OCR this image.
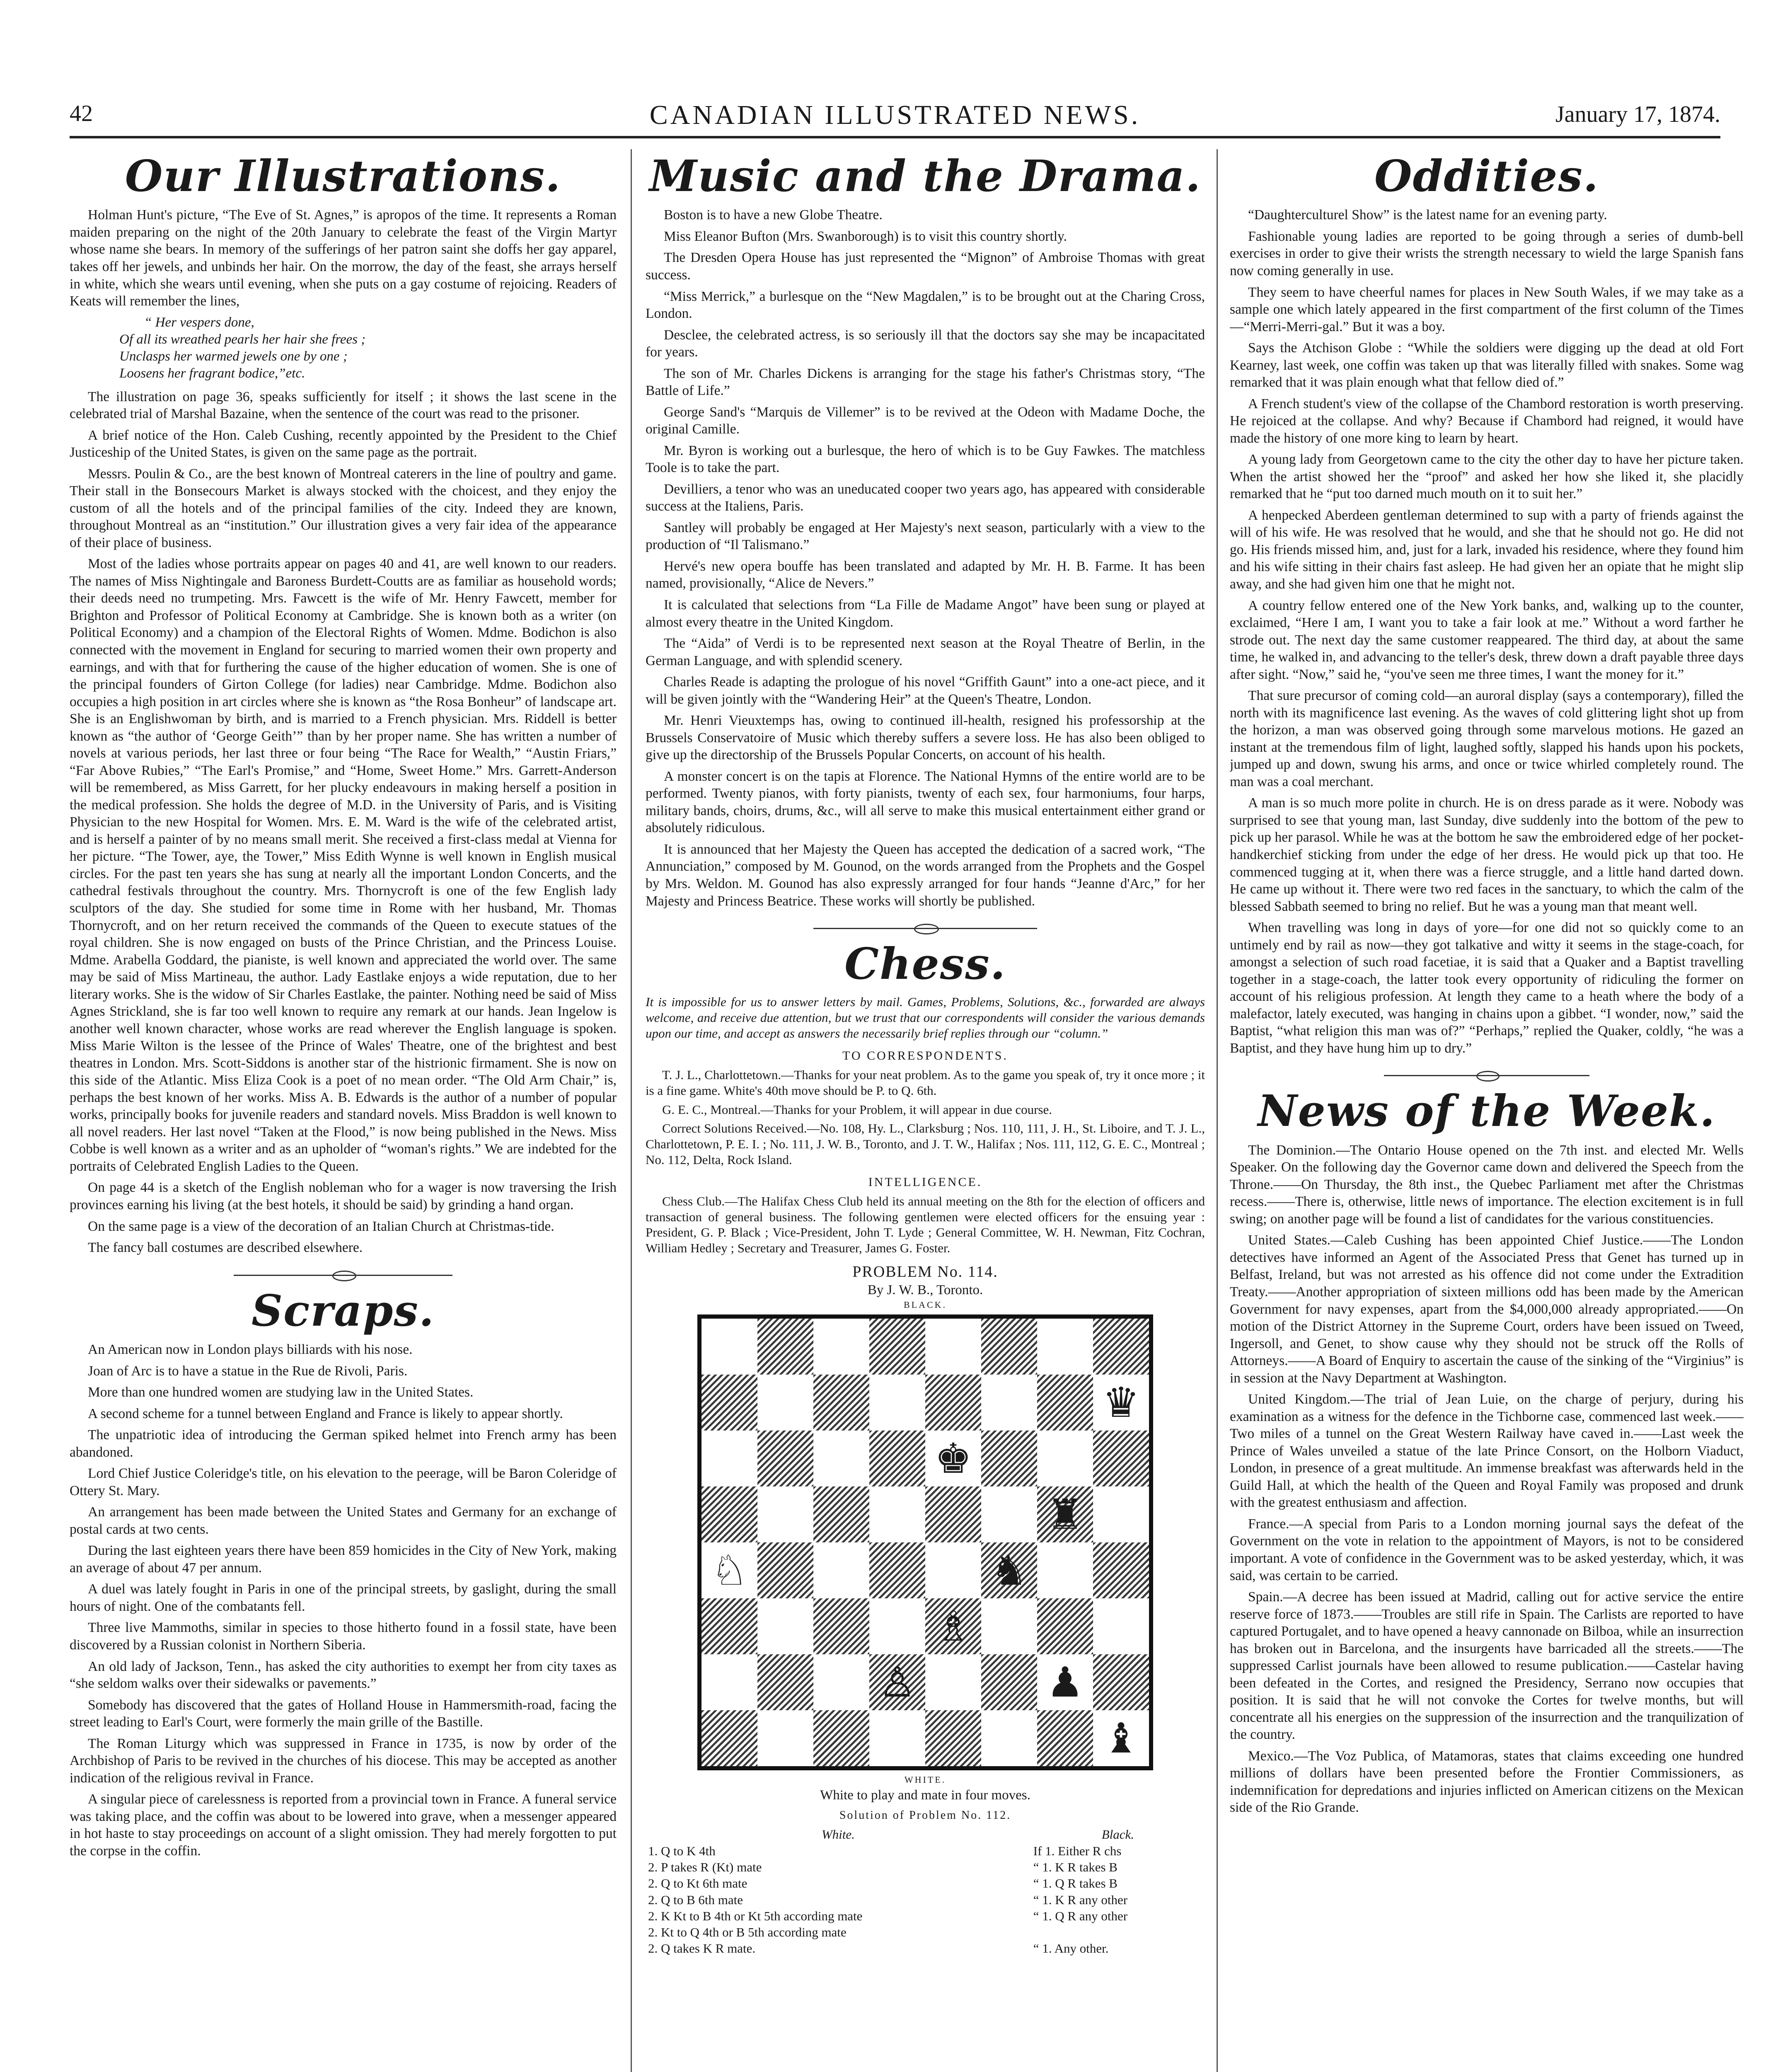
42	CANADIAN ILLUSTRATED NEWS.	January 17, 1874.
Our Illustrations.

Holman Hunt's picture, “The Eve of St. Agnes,” is apropos of the time. It represents a Roman maiden preparing on the night of the 20th January to celebrate the feast of the Virgin Martyr whose name she bears. In memory of the sufferings of her patron saint she doffs her gay apparel, takes off her jewels, and unbinds her hair. On the morrow, the day of the feast, she arrays herself in white, which she wears until evening, when she puts on a gay costume of rejoicing. Readers of Keats will remember the lines,

“ Her vespers done,
Of all its wreathed pearls her hair she frees ;
Unclasps her warmed jewels one by one ;
Loosens her fragrant bodice,”etc.

The illustration on page 36, speaks sufficiently for itself ; it shows the last scene in the celebrated trial of Marshal Bazaine, when the sentence of the court was read to the prisoner.

A brief notice of the Hon. Caleb Cushing, recently appointed by the President to the Chief Justiceship of the United States, is given on the same page as the portrait.

Messrs. Poulin & Co., are the best known of Montreal caterers in the line of poultry and game. Their stall in the Bonsecours Market is always stocked with the choicest, and they enjoy the custom of all the hotels and of the principal families of the city. Indeed they are known, throughout Montreal as an “institution.” Our illustration gives a very fair idea of the appearance of their place of business.

Most of the ladies whose portraits appear on pages 40 and 41, are well known to our readers. The names of Miss Nightingale and Baroness Burdett-Coutts are as familiar as household words; their deeds need no trumpeting. Mrs. Fawcett is the wife of Mr. Henry Fawcett, member for Brighton and Professor of Political Economy at Cambridge. She is known both as a writer (on Political Economy) and a champion of the Electoral Rights of Women. Mdme. Bodichon is also connected with the movement in England for securing to married women their own property and earnings, and with that for furthering the cause of the higher education of women. She is one of the principal founders of Girton College (for ladies) near Cambridge. Mdme. Bodichon also occupies a high position in art circles where she is known as “the Rosa Bonheur” of landscape art. She is an Englishwoman by birth, and is married to a French physician. Mrs. Riddell is better known as “the author of ‘George Geith’” than by her proper name. She has written a number of novels at various periods, her last three or four being “The Race for Wealth,” “Austin Friars,” “Far Above Rubies,” “The Earl's Promise,” and “Home, Sweet Home.” Mrs. Garrett-Anderson will be remembered, as Miss Garrett, for her plucky endeavours in making herself a position in the medical profession. She holds the degree of M.D. in the University of Paris, and is Visiting Physician to the new Hospital for Women. Mrs. E. M. Ward is the wife of the celebrated artist, and is herself a painter of by no means small merit. She received a first-class medal at Vienna for her picture. “The Tower, aye, the Tower,” Miss Edith Wynne is well known in English musical circles. For the past ten years she has sung at nearly all the important London Concerts, and the cathedral festivals throughout the country. Mrs. Thornycroft is one of the few English lady sculptors of the day. She studied for some time in Rome with her husband, Mr. Thomas Thornycroft, and on her return received the commands of the Queen to execute statues of the royal children. She is now engaged on busts of the Prince Christian, and the Princess Louise. Mdme. Arabella Goddard, the pianiste, is well known and appreciated the world over. The same may be said of Miss Martineau, the author. Lady Eastlake enjoys a wide reputation, due to her literary works. She is the widow of Sir Charles Eastlake, the painter. Nothing need be said of Miss Agnes Strickland, she is far too well known to require any remark at our hands. Jean Ingelow is another well known character, whose works are read wherever the English language is spoken. Miss Marie Wilton is the lessee of the Prince of Wales' Theatre, one of the brightest and best theatres in London. Mrs. Scott-Siddons is another star of the histrionic firmament. She is now on this side of the Atlantic. Miss Eliza Cook is a poet of no mean order. “The Old Arm Chair,” is, perhaps the best known of her works. Miss A. B. Edwards is the author of a number of popular works, principally books for juvenile readers and standard novels. Miss Braddon is well known to all novel readers. Her last novel “Taken at the Flood,” is now being published in the News. Miss Cobbe is well known as a writer and as an upholder of “woman's rights.” We are indebted for the portraits of Celebrated English Ladies to the Queen.

On page 44 is a sketch of the English nobleman who for a wager is now traversing the Irish provinces earning his living (at the best hotels, it should be said) by grinding a hand organ.

On the same page is a view of the decoration of an Italian Church at Christmas-tide.

The fancy ball costumes are described elsewhere.

Scraps.

An American now in London plays billiards with his nose.

Joan of Arc is to have a statue in the Rue de Rivoli, Paris.

More than one hundred women are studying law in the United States.

A second scheme for a tunnel between England and France is likely to appear shortly.

The unpatriotic idea of introducing the German spiked helmet into French army has been abandoned.

Lord Chief Justice Coleridge's title, on his elevation to the peerage, will be Baron Coleridge of Ottery St. Mary.

An arrangement has been made between the United States and Germany for an exchange of postal cards at two cents.

During the last eighteen years there have been 859 homicides in the City of New York, making an average of about 47 per annum.

A duel was lately fought in Paris in one of the principal streets, by gaslight, during the small hours of night. One of the combatants fell.

Three live Mammoths, similar in species to those hitherto found in a fossil state, have been discovered by a Russian colonist in Northern Siberia.

An old lady of Jackson, Tenn., has asked the city authorities to exempt her from city taxes as “she seldom walks over their sidewalks or pavements.”

Somebody has discovered that the gates of Holland House in Hammersmith-road, facing the street leading to Earl's Court, were formerly the main grille of the Bastille.

The Roman Liturgy which was suppressed in France in 1735, is now by order of the Archbishop of Paris to be revived in the churches of his diocese. This may be accepted as another indication of the religious revival in France.

A singular piece of carelessness is reported from a provincial town in France. A funeral service was taking place, and the coffin was about to be lowered into grave, when a messenger appeared in hot haste to stay proceedings on account of a slight omission. They had merely forgotten to put the corpse in the coffin.

Music and the Drama.

Boston is to have a new Globe Theatre.

Miss Eleanor Bufton (Mrs. Swanborough) is to visit this country shortly.

The Dresden Opera House has just represented the “Mignon” of Ambroise Thomas with great success.

“Miss Merrick,” a burlesque on the “New Magdalen,” is to be brought out at the Charing Cross, London.

Desclee, the celebrated actress, is so seriously ill that the doctors say she may be incapacitated for years.

The son of Mr. Charles Dickens is arranging for the stage his father's Christmas story, “The Battle of Life.”

George Sand's “Marquis de Villemer” is to be revived at the Odeon with Madame Doche, the original Camille.

Mr. Byron is working out a burlesque, the hero of which is to be Guy Fawkes. The matchless Toole is to take the part.

Devilliers, a tenor who was an uneducated cooper two years ago, has appeared with considerable success at the Italiens, Paris.

Santley will probably be engaged at Her Majesty's next season, particularly with a view to the production of “Il Talismano.”

Hervé's new opera bouffe has been translated and adapted by Mr. H. B. Farme. It has been named, provisionally, “Alice de Nevers.”

It is calculated that selections from “La Fille de Madame Angot” have been sung or played at almost every theatre in the United Kingdom.

The “Aida” of Verdi is to be represented next season at the Royal Theatre of Berlin, in the German Language, and with splendid scenery.

Charles Reade is adapting the prologue of his novel “Griffith Gaunt” into a one-act piece, and it will be given jointly with the “Wandering Heir” at the Queen's Theatre, London.

Mr. Henri Vieuxtemps has, owing to continued ill-health, resigned his professorship at the Brussels Conservatoire of Music which thereby suffers a severe loss. He has also been obliged to give up the directorship of the Brussels Popular Concerts, on account of his health.

A monster concert is on the tapis at Florence. The National Hymns of the entire world are to be performed. Twenty pianos, with forty pianists, twenty of each sex, four harmoniums, four harps, military bands, choirs, drums, &c., will all serve to make this musical entertainment either grand or absolutely ridiculous.

It is announced that her Majesty the Queen has accepted the dedication of a sacred work, “The Annunciation,” composed by M. Gounod, on the words arranged from the Prophets and the Gospel by Mrs. Weldon. M. Gounod has also expressly arranged for four hands “Jeanne d'Arc,” for her Majesty and Princess Beatrice. These works will shortly be published.

Chess.
It is impossible for us to answer letters by mail. Games, Problems, Solutions, &c., forwarded are always welcome, and receive due attention, but we trust that our correspondents will consider the various demands upon our time, and accept as answers the necessarily brief replies through our “column.”
TO CORRESPONDENTS.
T. J. L., Charlottetown.—Thanks for your neat problem. As to the game you speak of, try it once more ; it is a fine game. White's 40th move should be P. to Q. 6th.
G. E. C., Montreal.—Thanks for your Problem, it will appear in due course.
Correct Solutions Received.—No. 108, Hy. L., Clarksburg ; Nos. 110, 111, J. H., St. Liboire, and T. J. L., Charlottetown, P. E. I. ; No. 111, J. W. B., Toronto, and J. T. W., Halifax ; Nos. 111, 112, G. E. C., Montreal ; No. 112, Delta, Rock Island.
INTELLIGENCE.
Chess Club.—The Halifax Chess Club held its annual meeting on the 8th for the election of officers and transaction of general business. The following gentlemen were elected officers for the ensuing year : President, G. P. Black ; Vice-President, John T. Lyde ; General Committee, W. H. Newman, Fitz Cochran, William Hedley ; Secretary and Treasurer, James G. Foster.
PROBLEM No. 114.
By J. W. B., Toronto.
BLACK.
♛
♚
♜
♘	♞
♗
♙	♟
♝
WHITE.
White to play and mate in four moves.
Solution of Problem No. 112.
White.	Black.
1. Q to K 4th	If 1. Either R chs
2. P takes R (Kt) mate	“ 1. K R takes B
2. Q to Kt 6th mate	“ 1. Q R takes B
2. Q to B 6th mate	“ 1. K R any other
2. K Kt to B 4th or Kt 5th according mate	“ 1. Q R any other
2. Kt to Q 4th or B 5th according mate	
2. Q takes K R mate.	“ 1. Any other.
Oddities.

“Daughterculturel Show” is the latest name for an evening party.

Fashionable young ladies are reported to be going through a series of dumb-bell exercises in order to give their wrists the strength necessary to wield the large Spanish fans now coming generally in use.

They seem to have cheerful names for places in New South Wales, if we may take as a sample one which lately appeared in the first compartment of the first column of the Times—“Merri-Merri-gal.” But it was a boy.

Says the Atchison Globe : “While the soldiers were digging up the dead at old Fort Kearney, last week, one coffin was taken up that was literally filled with snakes. Some wag remarked that it was plain enough what that fellow died of.”

A French student's view of the collapse of the Chambord restoration is worth preserving. He rejoiced at the collapse. And why? Because if Chambord had reigned, it would have made the history of one more king to learn by heart.

A young lady from Georgetown came to the city the other day to have her picture taken. When the artist showed her the “proof” and asked her how she liked it, she placidly remarked that he “put too darned much mouth on it to suit her.”

A henpecked Aberdeen gentleman determined to sup with a party of friends against the will of his wife. He was resolved that he would, and she that he should not go. He did not go. His friends missed him, and, just for a lark, invaded his residence, where they found him and his wife sitting in their chairs fast asleep. He had given her an opiate that he might slip away, and she had given him one that he might not.

A country fellow entered one of the New York banks, and, walking up to the counter, exclaimed, “Here I am, I want you to take a fair look at me.” Without a word farther he strode out. The next day the same customer reappeared. The third day, at about the same time, he walked in, and advancing to the teller's desk, threw down a draft payable three days after sight. “Now,” said he, “you've seen me three times, I want the money for it.”

That sure precursor of coming cold—an auroral display (says a contemporary), filled the north with its magnificence last evening. As the waves of cold glittering light shot up from the horizon, a man was observed going through some marvelous motions. He gazed an instant at the tremendous film of light, laughed softly, slapped his hands upon his pockets, jumped up and down, swung his arms, and once or twice whirled completely round. The man was a coal merchant.

A man is so much more polite in church. He is on dress parade as it were. Nobody was surprised to see that young man, last Sunday, dive suddenly into the bottom of the pew to pick up her parasol. While he was at the bottom he saw the embroidered edge of her pocket-handkerchief sticking from under the edge of her dress. He would pick up that too. He commenced tugging at it, when there was a fierce struggle, and a little hand darted down. He came up without it. There were two red faces in the sanctuary, to which the calm of the blessed Sabbath seemed to bring no relief. But he was a young man that meant well.

When travelling was long in days of yore—for one did not so quickly come to an untimely end by rail as now—they got talkative and witty it seems in the stage-coach, for amongst a selection of such road facetiae, it is said that a Quaker and a Baptist travelling together in a stage-coach, the latter took every opportunity of ridiculing the former on account of his religious profession. At length they came to a heath where the body of a malefactor, lately executed, was hanging in chains upon a gibbet. “I wonder, now,” said the Baptist, “what religion this man was of?” “Perhaps,” replied the Quaker, coldly, “he was a Baptist, and they have hung him up to dry.”

News of the Week.

The Dominion.—The Ontario House opened on the 7th inst. and elected Mr. Wells Speaker. On the following day the Governor came down and delivered the Speech from the Throne.——On Thursday, the 8th inst., the Quebec Parliament met after the Christmas recess.——There is, otherwise, little news of importance. The election excitement is in full swing; on another page will be found a list of candidates for the various constituencies.

United States.—Caleb Cushing has been appointed Chief Justice.——The London detectives have informed an Agent of the Associated Press that Genet has turned up in Belfast, Ireland, but was not arrested as his offence did not come under the Extradition Treaty.——Another appropriation of sixteen millions odd has been made by the American Government for navy expenses, apart from the $4,000,000 already appropriated.——On motion of the District Attorney in the Supreme Court, orders have been issued on Tweed, Ingersoll, and Genet, to show cause why they should not be struck off the Rolls of Attorneys.——A Board of Enquiry to ascertain the cause of the sinking of the “Virginius” is in session at the Navy Department at Washington.

United Kingdom.—The trial of Jean Luie, on the charge of perjury, during his examination as a witness for the defence in the Tichborne case, commenced last week.——Two miles of a tunnel on the Great Western Railway have caved in.——Last week the Prince of Wales unveiled a statue of the late Prince Consort, on the Holborn Viaduct, London, in presence of a great multitude. An immense breakfast was afterwards held in the Guild Hall, at which the health of the Queen and Royal Family was proposed and drunk with the greatest enthusiasm and affection.

France.—A special from Paris to a London morning journal says the defeat of the Government on the vote in relation to the appointment of Mayors, is not to be considered important. A vote of confidence in the Government was to be asked yesterday, which, it was said, was certain to be carried.

Spain.—A decree has been issued at Madrid, calling out for active service the entire reserve force of 1873.——Troubles are still rife in Spain. The Carlists are reported to have captured Portugalet, and to have opened a heavy cannonade on Bilboa, while an insurrection has broken out in Barcelona, and the insurgents have barricaded all the streets.——The suppressed Carlist journals have been allowed to resume publication.——Castelar having been defeated in the Cortes, and resigned the Presidency, Serrano now occupies that position. It is said that he will not convoke the Cortes for twelve months, but will concentrate all his energies on the suppression of the insurrection and the tranquilization of the country.

Mexico.—The Voz Publica, of Matamoras, states that claims exceeding one hundred millions of dollars have been presented before the Frontier Commissioners, as indemnification for depredations and injuries inflicted on American citizens on the Mexican side of the Rio Grande.
